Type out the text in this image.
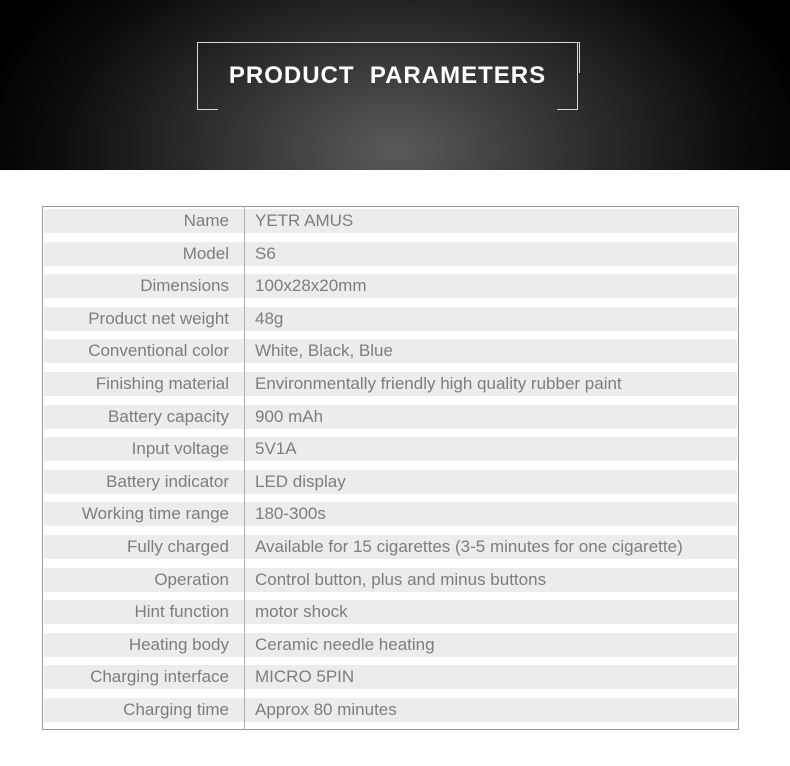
PRODUCT  PARAMETERS
Name YETR AMUS
Model S6
Dimensions 100x28x20mm
Product net weight 48g
Conventional color White, Black, Blue
Finishing material Environmentally friendly high quality rubber paint
Battery capacity 900 mAh
Input voltage 5V1A
Battery indicator LED display
Working time range 180-300s
Fully charged Available for 15 cigarettes (3-5 minutes for one cigarette)
Operation Control button, plus and minus buttons
Hint function motor shock
Heating body Ceramic needle heating
Charging interface MICRO 5PIN
Charging time Approx 80 minutes
